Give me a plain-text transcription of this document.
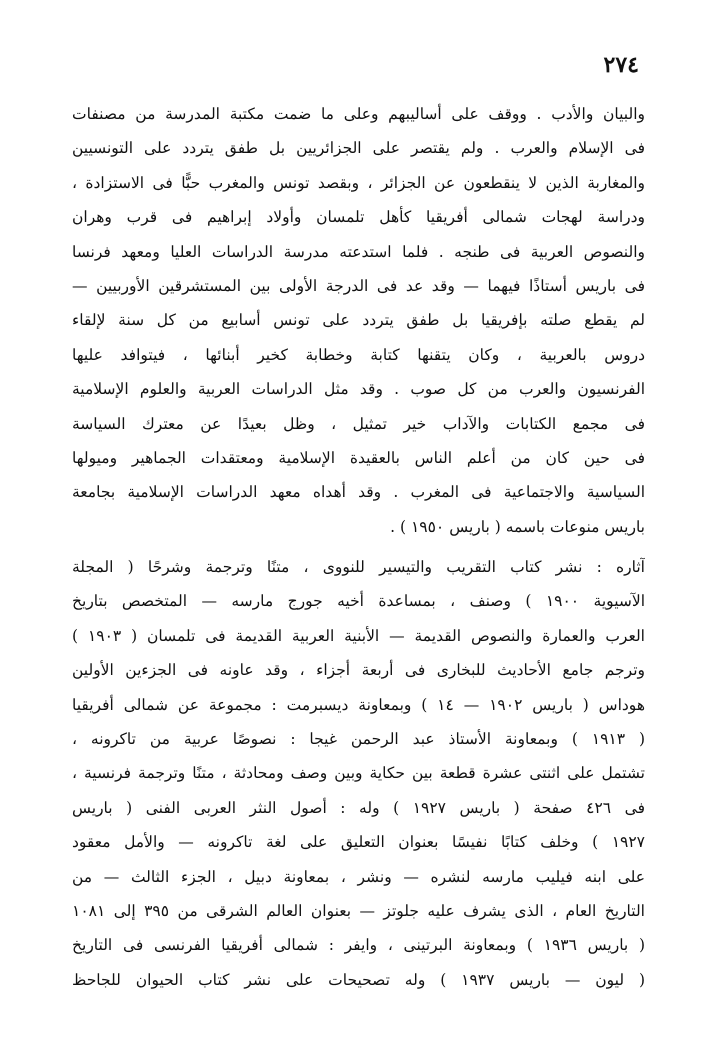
٢٧٤
والبيان والأدب . ووقف على أساليبهم وعلى ما ضمت مكتبة المدرسة من مصنفات
فى الإسلام والعرب . ولم يقتصر على الجزائريين بل طفق يتردد على التونسيين
والمغاربة الذين لا ينقطعون عن الجزائر ، وبقصد تونس والمغرب حبًّا فى الاستزادة ،
ودراسة لهجات شمالى أفريقيا كأهل تلمسان وأولاد إبراهيم فى قرب وهران
والنصوص العربية فى طنجه . فلما استدعته مدرسة الدراسات العليا ومعهد فرنسا
فى باريس أستاذًا فيهما — وقد عد فى الدرجة الأولى بين المستشرقين الأوربيين —
لم يقطع صلته بإفريقيا بل طفق يتردد على تونس أسابيع من كل سنة لإلقاء
دروس بالعربية ، وكان يتقنها كتابة وخطابة كخير أبنائها ، فيتوافد عليها
الفرنسيون والعرب من كل صوب . وقد مثل الدراسات العربية والعلوم الإسلامية
فى مجمع الكتابات والآداب خير تمثيل ، وظل بعيدًا عن معترك السياسة
فى حين كان من أعلم الناس بالعقيدة الإسلامية ومعتقدات الجماهير وميولها
السياسية والاجتماعية فى المغرب . وقد أهداه معهد الدراسات الإسلامية بجامعة
باريس منوعات باسمه ( باريس ١٩٥٠ ) .
آثاره : نشر كتاب التقريب والتيسير للنووى ، متنًا وترجمة وشرحًا ( المجلة
الآسيوية ١٩٠٠ ) وصنف ، بمساعدة أخيه جورج مارسه — المتخصص بتاريخ
العرب والعمارة والنصوص القديمة — الأبنية العربية القديمة فى تلمسان ( ١٩٠٣ )
وترجم جامع الأحاديث للبخارى فى أربعة أجزاء ، وقد عاونه فى الجزءين الأولين
هوداس ( باريس ١٩٠٢ — ١٤ ) وبمعاونة ديسبرمت : مجموعة عن شمالى أفريقيا
( ١٩١٣ ) وبمعاونة الأستاذ عبد الرحمن غيجا : نصوصًا عربية من تاكرونه ،
تشتمل على اثنتى عشرة قطعة بين حكاية وبين وصف ومحادثة ، متنًا وترجمة فرنسية ،
فى ٤٢٦ صفحة ( باريس ١٩٢٧ ) وله : أصول النثر العربى الفنى ( باريس
١٩٢٧ ) وخلف كتابًا نفيسًا بعنوان التعليق على لغة تاكرونه — والأمل معقود
على ابنه فيليب مارسه لنشره — ونشر ، بمعاونة دبيل ، الجزء الثالث — من
التاريخ العام ، الذى يشرف عليه جلوتز — بعنوان العالم الشرقى من ٣٩٥ إلى ١٠٨١
( باريس ١٩٣٦ ) وبمعاونة البرتينى ، وايفر : شمالى أفريقيا الفرنسى فى التاريخ
( ليون — باريس ١٩٣٧ ) وله تصحيحات على نشر كتاب الحيوان للجاحظ
